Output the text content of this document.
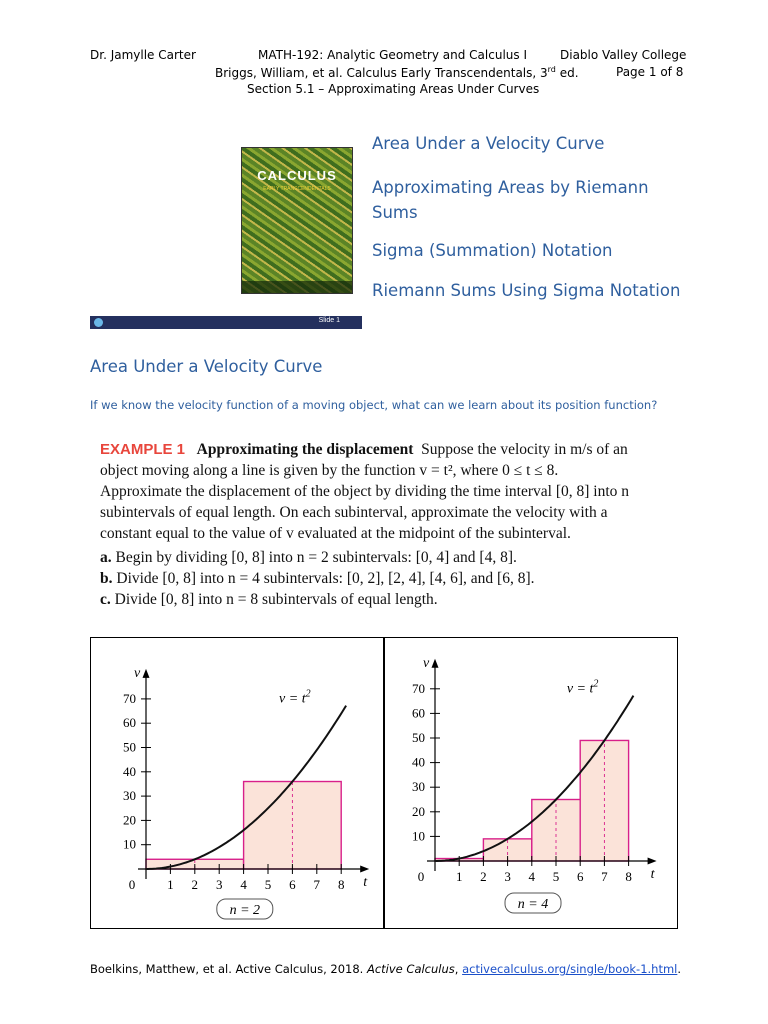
Dr. Jamylle Carter	MATH-192: Analytic Geometry and Calculus I	Diablo Valley College
Briggs, William, et al. Calculus Early Transcendentals, 3rd ed.	Page 1 of 8
Section 5.1 – Approximating Areas Under Curves
CALCULUS
EARLY TRANSCENDENTALS
Slide 1
Area Under a Velocity Curve
Approximating Areas by Riemann Sums
Sigma (Summation) Notation
Riemann Sums Using Sigma Notation
Area Under a Velocity Curve
If we know the velocity function of a moving object, what can we learn about its position function?
EXAMPLE 1 Approximating the displacement Suppose the velocity in m/s of an object moving along a line is given by the function v = t², where 0 ≤ t ≤ 8. Approximate the displacement of the object by dividing the time interval [0, 8] into n subintervals of equal length. On each subinterval, approximate the velocity with a constant equal to the value of v evaluated at the midpoint of the subinterval.
a. Begin by dividing [0, 8] into n = 2 subintervals: [0, 4] and [4, 8].
b. Divide [0, 8] into n = 4 subintervals: [0, 2], [2, 4], [4, 6], and [6, 8].
c. Divide [0, 8] into n = 8 subintervals of equal length.
1 2 3 4 5 6 7 8
10
20
30
40
50
60
70
0	t
v
$v = t^2$
n = 2
1 2 3 4 5 6 7 8
10
20
30
40
50
60
70
0	t
v
$v = t^2$
n = 4
Boelkins, Matthew, et al. Active Calculus, 2018. Active Calculus, activecalculus.org/single/book-1.html.
